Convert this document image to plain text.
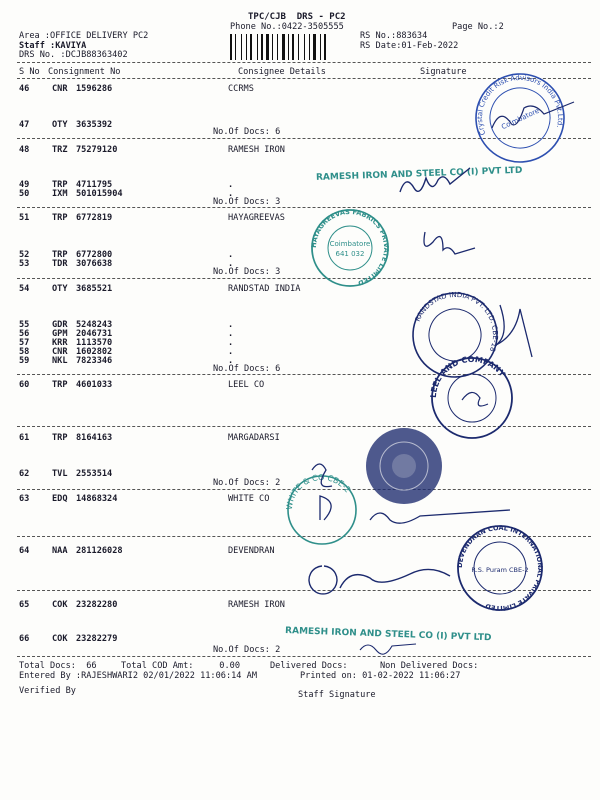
TPC/CJB  DRS - PC2
Phone No.:0422-3505555	Page No.:2
Area :OFFICE DELIVERY PC2	RS No.:883634
Staff :KAVIYA	RS Date:01-Feb-2022
DRS No. :DCJB88363402
S No Consignment No	Consignee Details	Signature
46	CNR 1596286	CCRMS
47	OTY 3635392
No.Of Docs: 6
48	TRZ 75279120	RAMESH IRON
49	TRP 4711795	.
50	IXM 501015904	.
No.Of Docs: 3
51	TRP 6772819	HAYAGREEVAS
52	TRP 6772800	.
53	TDR 3076638	.
No.Of Docs: 3
54	OTY 3685521	RANDSTAD INDIA
55	GDR 5248243	.
56	GPM 2046731	.
57	KRR 1113570	.
58	CNR 1602802	.
59	NKL 7823346	.
No.Of Docs: 6
60	TRP 4601033	LEEL CO
61	TRP 8164163	MARGADARSI
62	TVL 2553514
No.Of Docs: 2
63	EDQ 14868324	WHITE CO
64	NAA 281126028	DEVENDRAN
65	COK 23282280	RAMESH IRON
66	COK 23282279
No.Of Docs: 2
Total Docs:  66	Total COD Amt:     0.00	Delivered Docs:	Non Delivered Docs:
Entered By :RAJESHWARI2 02/01/2022 11:06:14 AM	Printed on: 01-02-2022 11:06:27
Verified By	Staff Signature
Crystal Credit Risk Advisors India Pvt.Ltd.
Coimbatore
RAMESH IRON AND STEEL CO (I) PVT LTD
HAYAGREEVAS FABRICS PRIVATE LIMITED
Coimbatore
641 032
RANDSTAD INDIA PVT. LTD. CBE-18
LEEL AND COMPANY
WHITE & CO CBE-2
DEVENDRAN COAL INTERNATIONAL PRIVATE LIMITED
R.S. Puram CBE-2
RAMESH IRON AND STEEL CO (I) PVT LTD
